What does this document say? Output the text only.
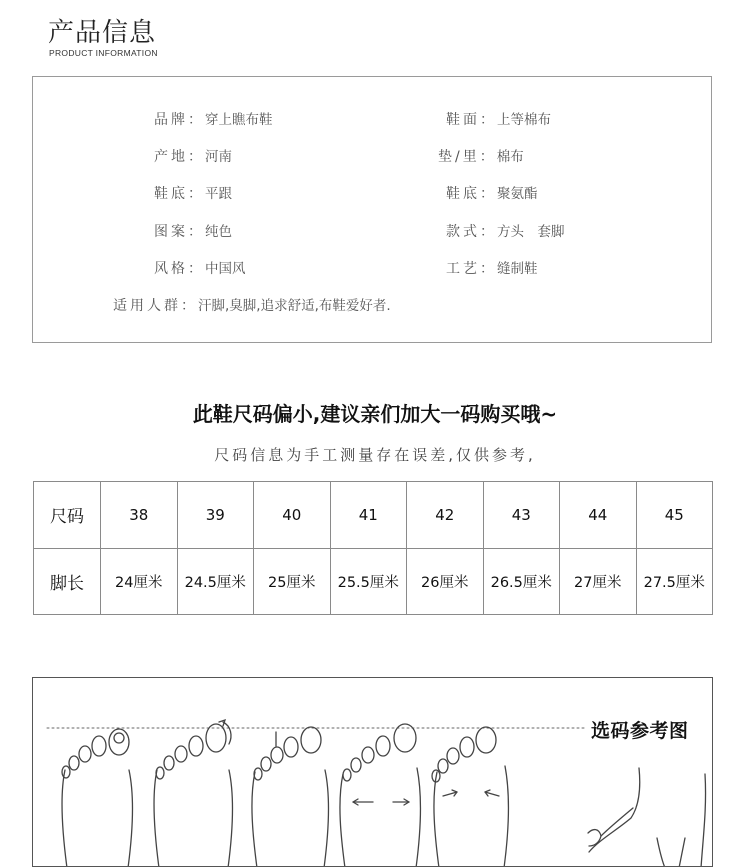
产品信息
PRODUCT INFORMATION
品牌：穿上瞧布鞋	鞋面：上等棉布
产地：河南	垫/里：棉布
鞋底：平跟	鞋底：聚氨酯
图案：纯色	款式：方头　套脚
风格：中国风	工艺：缝制鞋
适用人群：汗脚,臭脚,追求舒适,布鞋爱好者.
此鞋尺码偏小,建议亲们加大一码购买哦~
尺码信息为手工测量存在误差,仅供参考,
尺码	38	39	40	41	42	43	44	45
脚长	24厘米	24.5厘米	25厘米	25.5厘米	26厘米	26.5厘米	27厘米	27.5厘米
选码参考图
